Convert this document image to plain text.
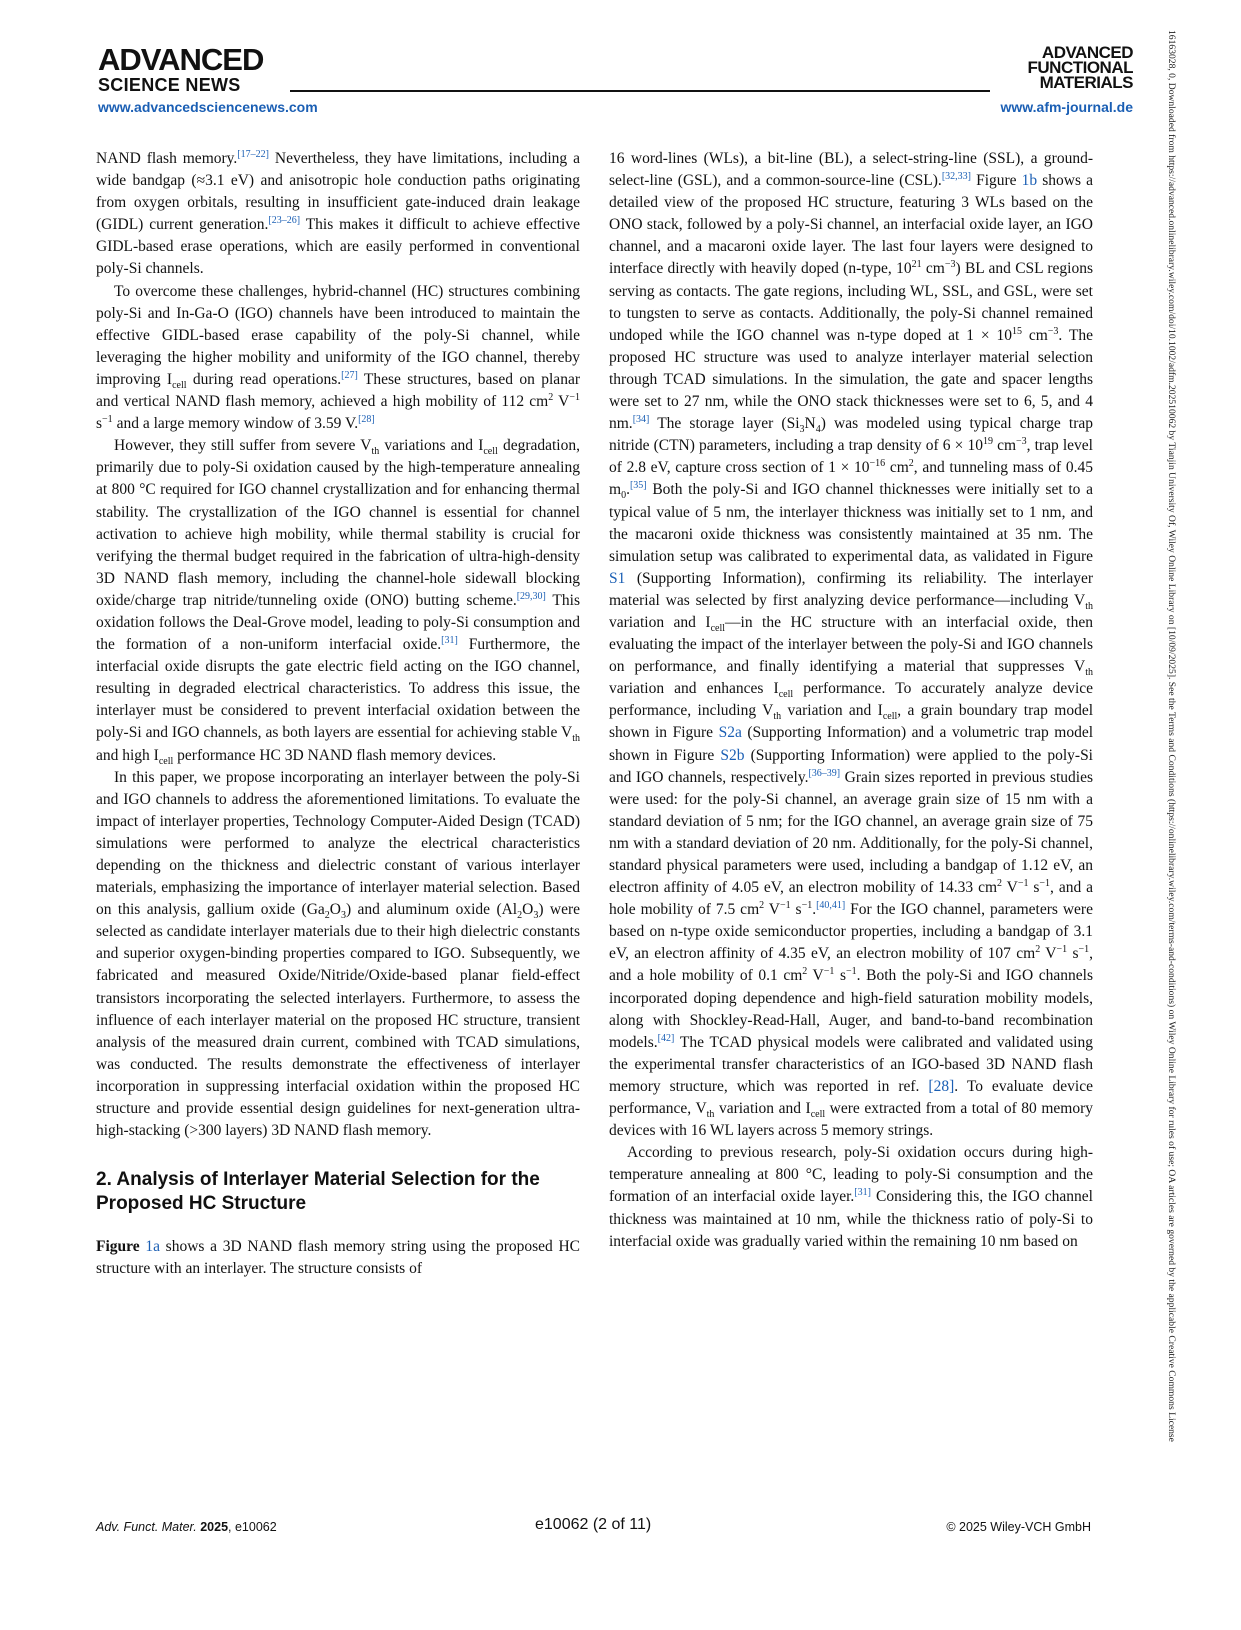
ADVANCED
SCIENCE NEWS
ADVANCED
FUNCTIONAL
MATERIALS
www.advancedsciencenews.com	www.afm-journal.de

NAND flash memory.[17–22] Nevertheless, they have limitations, including a wide bandgap (≈3.1 eV) and anisotropic hole conduction paths originating from oxygen orbitals, resulting in insufficient gate-induced drain leakage (GIDL) current generation.[23–26] This makes it difficult to achieve effective GIDL-based erase operations, which are easily performed in conventional poly-Si channels.

To overcome these challenges, hybrid-channel (HC) structures combining poly-Si and In-Ga-O (IGO) channels have been introduced to maintain the effective GIDL-based erase capability of the poly-Si channel, while leveraging the higher mobility and uniformity of the IGO channel, thereby improving $I_{cell}$ during read operations.[27] These structures, based on planar and vertical NAND flash memory, achieved a high mobility of 112 $cm^2$ $V^{-1}$ $s^{-1}$ and a large memory window of 3.59 V.[28]

However, they still suffer from severe $V_{th}$ variations and $I_{cell}$ degradation, primarily due to poly-Si oxidation caused by the high-temperature annealing at 800 °C required for IGO channel crystallization and for enhancing thermal stability. The crystallization of the IGO channel is essential for channel activation to achieve high mobility, while thermal stability is crucial for verifying the thermal budget required in the fabrication of ultra-high-density 3D NAND flash memory, including the channel-hole sidewall blocking oxide/charge trap nitride/tunneling oxide (ONO) butting scheme.[29,30] This oxidation follows the Deal-Grove model, leading to poly-Si consumption and the formation of a non-uniform interfacial oxide.[31] Furthermore, the interfacial oxide disrupts the gate electric field acting on the IGO channel, resulting in degraded electrical characteristics. To address this issue, the interlayer must be considered to prevent interfacial oxidation between the poly-Si and IGO channels, as both layers are essential for achieving stable $V_{th}$ and high $I_{cell}$ performance HC 3D NAND flash memory devices.

In this paper, we propose incorporating an interlayer between the poly-Si and IGO channels to address the aforementioned limitations. To evaluate the impact of interlayer properties, Technology Computer-Aided Design (TCAD) simulations were performed to analyze the electrical characteristics depending on the thickness and dielectric constant of various interlayer materials, emphasizing the importance of interlayer material selection. Based on this analysis, gallium oxide $(Ga_2O_3)$ and aluminum oxide $(Al_2O_3)$ were selected as candidate interlayer materials due to their high dielectric constants and superior oxygen-binding properties compared to IGO. Subsequently, we fabricated and measured Oxide/Nitride/Oxide-based planar field-effect transistors incorporating the selected interlayers. Furthermore, to assess the influence of each interlayer material on the proposed HC structure, transient analysis of the measured drain current, combined with TCAD simulations, was conducted. The results demonstrate the effectiveness of interlayer incorporation in suppressing interfacial oxidation within the proposed HC structure and provide essential design guidelines for next-generation ultra-high-stacking (>300 layers) 3D NAND flash memory.

2. Analysis of Interlayer Material Selection for the Proposed HC Structure

Figure 1a shows a 3D NAND flash memory string using the proposed HC structure with an interlayer. The structure consists of

16 word-lines (WLs), a bit-line (BL), a select-string-line (SSL), a ground-select-line (GSL), and a common-source-line (CSL).[32,33] Figure 1b shows a detailed view of the proposed HC structure, featuring 3 WLs based on the ONO stack, followed by a poly-Si channel, an interfacial oxide layer, an IGO channel, and a macaroni oxide layer. The last four layers were designed to interface directly with heavily doped (n-type, $10^{21}$ $cm^{-3}$) BL and CSL regions serving as contacts. The gate regions, including WL, SSL, and GSL, were set to tungsten to serve as contacts. Additionally, the poly-Si channel remained undoped while the IGO channel was n-type doped at $1 \times 10^{15}$ $cm^{-3}$. The proposed HC structure was used to analyze interlayer material selection through TCAD simulations. In the simulation, the gate and spacer lengths were set to 27 nm, while the ONO stack thicknesses were set to 6, 5, and 4 nm.[34] The storage layer $(Si_3N_4)$ was modeled using typical charge trap nitride (CTN) parameters, including a trap density of $6 \times 10^{19}$ $cm^{-3}$, trap level of 2.8 eV, capture cross section of $1 \times 10^{-16}$ $cm^2$, and tunneling mass of 0.45 $m_0.[35]$ Both the poly-Si and IGO channel thicknesses were initially set to a typical value of 5 nm, the interlayer thickness was initially set to 1 nm, and the macaroni oxide thickness was consistently maintained at 35 nm. The simulation setup was calibrated to experimental data, as validated in Figure S1 (Supporting Information), confirming its reliability. The interlayer material was selected by first analyzing device performance—including $V_{th}$ variation and $I_{cell}—in$ the HC structure with an interfacial oxide, then evaluating the impact of the interlayer between the poly-Si and IGO channels on performance, and finally identifying a material that suppresses $V_{th}$ variation and enhances $I_{cell}$ performance. To accurately analyze device performance, including $V_{th}$ variation and $I_{cell}$, a grain boundary trap model shown in Figure S2a (Supporting Information) and a volumetric trap model shown in Figure S2b (Supporting Information) were applied to the poly-Si and IGO channels, respectively.[36–39] Grain sizes reported in previous studies were used: for the poly-Si channel, an average grain size of 15 nm with a standard deviation of 5 nm; for the IGO channel, an average grain size of 75 nm with a standard deviation of 20 nm. Additionally, for the poly-Si channel, standard physical parameters were used, including a bandgap of 1.12 eV, an electron affinity of 4.05 eV, an electron mobility of 14.33 $cm^2$ $V^{-1}$ $s^{-1}$, and a hole mobility of 7.5 $cm^2$ $V^{-1}$ $s^{-1}.[40,41]$ For the IGO channel, parameters were based on n-type oxide semiconductor properties, including a bandgap of 3.1 eV, an electron affinity of 4.35 eV, an electron mobility of 107 $cm^2$ $V^{-1}$ $s^{-1}$, and a hole mobility of 0.1 $cm^2$ $V^{-1}$ $s^{-1}$. Both the poly-Si and IGO channels incorporated doping dependence and high-field saturation mobility models, along with Shockley-Read-Hall, Auger, and band-to-band recombination models.[42] The TCAD physical models were calibrated and validated using the experimental transfer characteristics of an IGO-based 3D NAND flash memory structure, which was reported in ref. [28]. To evaluate device performance, $V_{th}$ variation and $I_{cell}$ were extracted from a total of 80 memory devices with 16 WL layers across 5 memory strings.

According to previous research, poly-Si oxidation occurs during high-temperature annealing at 800 °C, leading to poly-Si consumption and the formation of an interfacial oxide layer.[31] Considering this, the IGO channel thickness was maintained at 10 nm, while the thickness ratio of poly-Si to interfacial oxide was gradually varied within the remaining 10 nm based on

Adv. Funct. Mater. 2025, e10062	e10062 (2 of 11)	© 2025 Wiley-VCH GmbH
16163028, 0, Downloaded from https://advanced.onlinelibrary.wiley.com/doi/10.1002/adfm.202510062 by Tianjin University Of, Wiley Online Library on [10/09/2025]. See the Terms and Conditions (https://onlinelibrary.wiley.com/terms-and-conditions) on Wiley Online Library for rules of use; OA articles are governed by the applicable Creative Commons License
